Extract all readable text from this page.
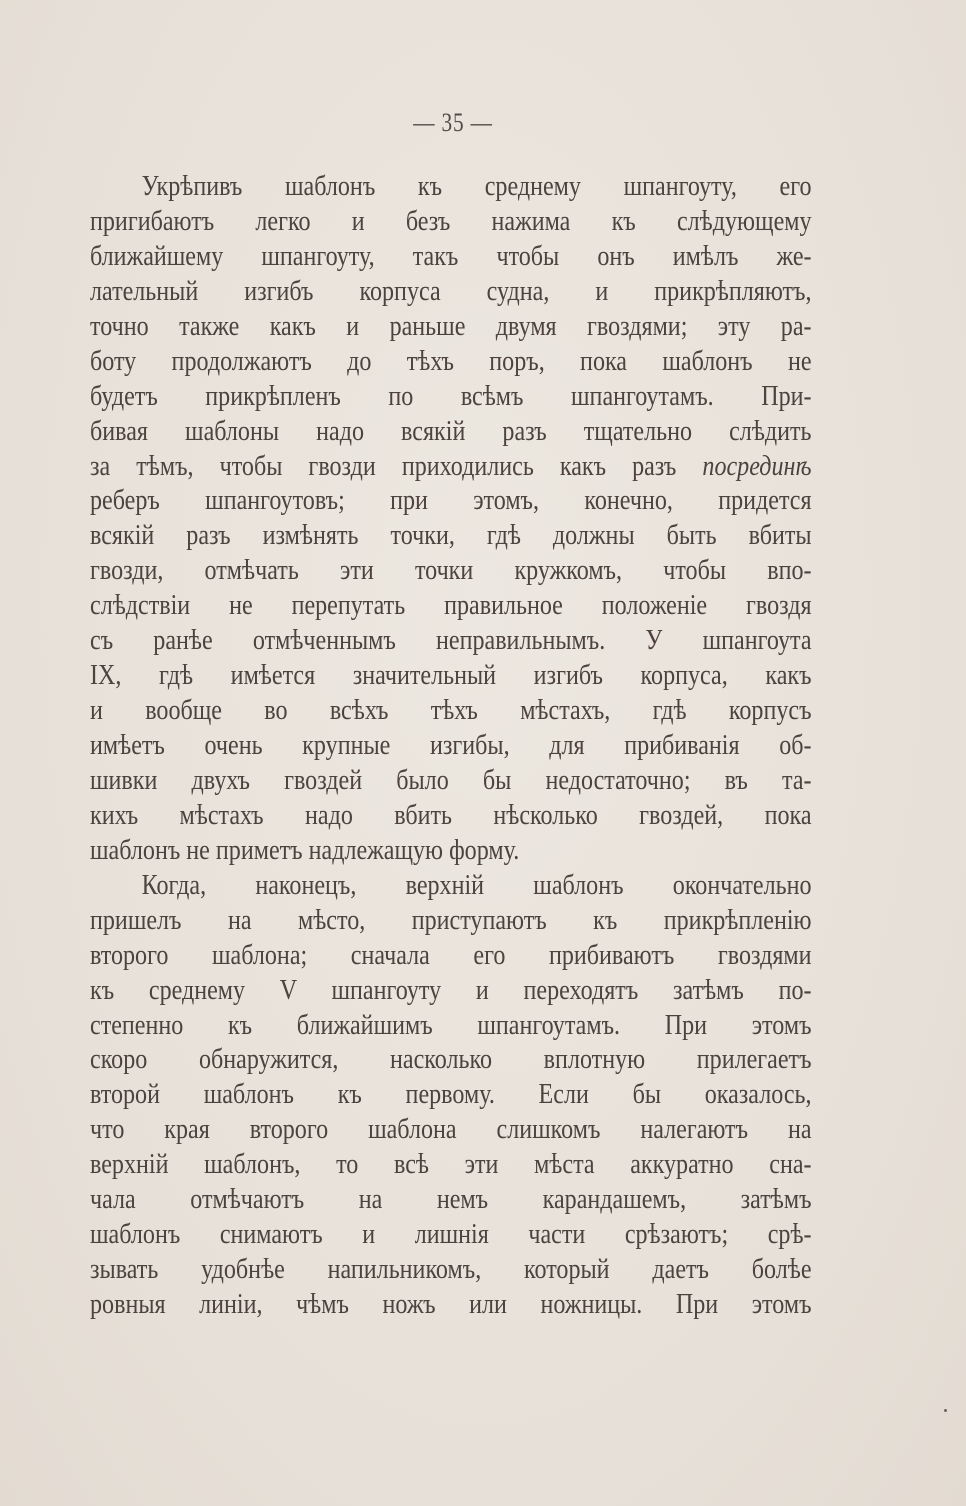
— 35 —
Укрѣпивъ шаблонъ къ среднему шпангоуту, его
пригибаютъ легко и безъ нажима къ слѣдующему
ближайшему шпангоуту, такъ чтобы онъ имѣлъ же-
лательный изгибъ корпуса судна, и прикрѣпляютъ,
точно также какъ и раньше двумя гвоздями; эту ра-
боту продолжаютъ до тѣхъ поръ, пока шаблонъ не
будетъ прикрѣпленъ по всѣмъ шпангоутамъ. При-
бивая шаблоны надо всякій разъ тщательно слѣдить
за тѣмъ, чтобы гвозди приходились какъ разъ посрединѣ
реберъ шпангоутовъ; при этомъ, конечно, придется
всякій разъ измѣнять точки, гдѣ должны быть вбиты
гвозди, отмѣчать эти точки кружкомъ, чтобы впо-
слѣдствіи не перепутать правильное положеніе гвоздя
съ ранѣе отмѣченнымъ неправильнымъ. У шпангоута
IX, гдѣ имѣется значительный изгибъ корпуса, какъ
и вообще во всѣхъ тѣхъ мѣстахъ, гдѣ корпусъ
имѣетъ очень крупные изгибы, для прибиванія об-
шивки двухъ гвоздей было бы недостаточно; въ та-
кихъ мѣстахъ надо вбить нѣсколько гвоздей, пока
шаблонъ не приметъ надлежащую форму.
Когда, наконецъ, верхній шаблонъ окончательно
пришелъ на мѣсто, приступаютъ къ прикрѣпленію
второго шаблона; сначала его прибиваютъ гвоздями
къ среднему V шпангоуту и переходятъ затѣмъ по-
степенно къ ближайшимъ шпангоутамъ. При этомъ
скоро обнаружится, насколько вплотную прилегаетъ
второй шаблонъ къ первому. Если бы оказалось,
что края второго шаблона слишкомъ налегаютъ на
верхній шаблонъ, то всѣ эти мѣста аккуратно сна-
чала отмѣчаютъ на немъ карандашемъ, затѣмъ
шаблонъ снимаютъ и лишнія части срѣзаютъ; срѣ-
зывать удобнѣе напильникомъ, который даетъ болѣе
ровныя линіи, чѣмъ ножъ или ножницы. При этомъ
